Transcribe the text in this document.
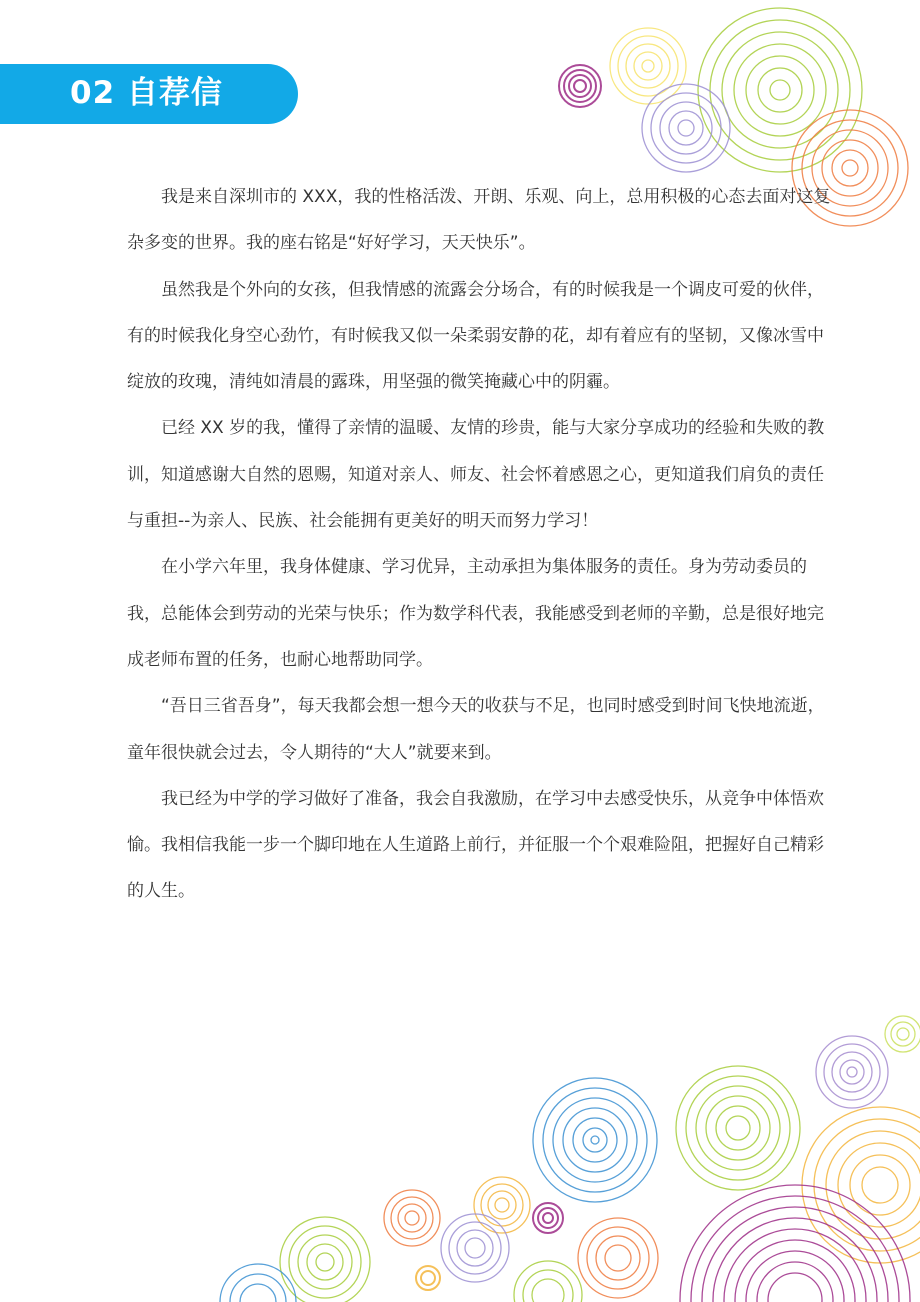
02 自荐信

我是来自深圳市的 XXX，我的性格活泼、开朗、乐观、向上，总用积极的心态去面对这复杂多变的世界。我的座右铭是“好好学习，天天快乐”。

虽然我是个外向的女孩，但我情感的流露会分场合，有的时候我是一个调皮可爱的伙伴，有的时候我化身空心劲竹，有时候我又似一朵柔弱安静的花，却有着应有的坚韧，又像冰雪中绽放的玫瑰，清纯如清晨的露珠，用坚强的微笑掩藏心中的阴霾。

已经 XX 岁的我，懂得了亲情的温暖、友情的珍贵，能与大家分享成功的经验和失败的教训，知道感谢大自然的恩赐，知道对亲人、师友、社会怀着感恩之心，更知道我们肩负的责任与重担--为亲人、民族、社会能拥有更美好的明天而努力学习！

在小学六年里，我身体健康、学习优异，主动承担为集体服务的责任。身为劳动委员的我，总能体会到劳动的光荣与快乐；作为数学科代表，我能感受到老师的辛勤，总是很好地完成老师布置的任务，也耐心地帮助同学。

“吾日三省吾身”，每天我都会想一想今天的收获与不足，也同时感受到时间飞快地流逝，童年很快就会过去，令人期待的“大人”就要来到。

我已经为中学的学习做好了准备，我会自我激励，在学习中去感受快乐，从竞争中体悟欢愉。我相信我能一步一个脚印地在人生道路上前行，并征服一个个艰难险阻，把握好自己精彩的人生。
